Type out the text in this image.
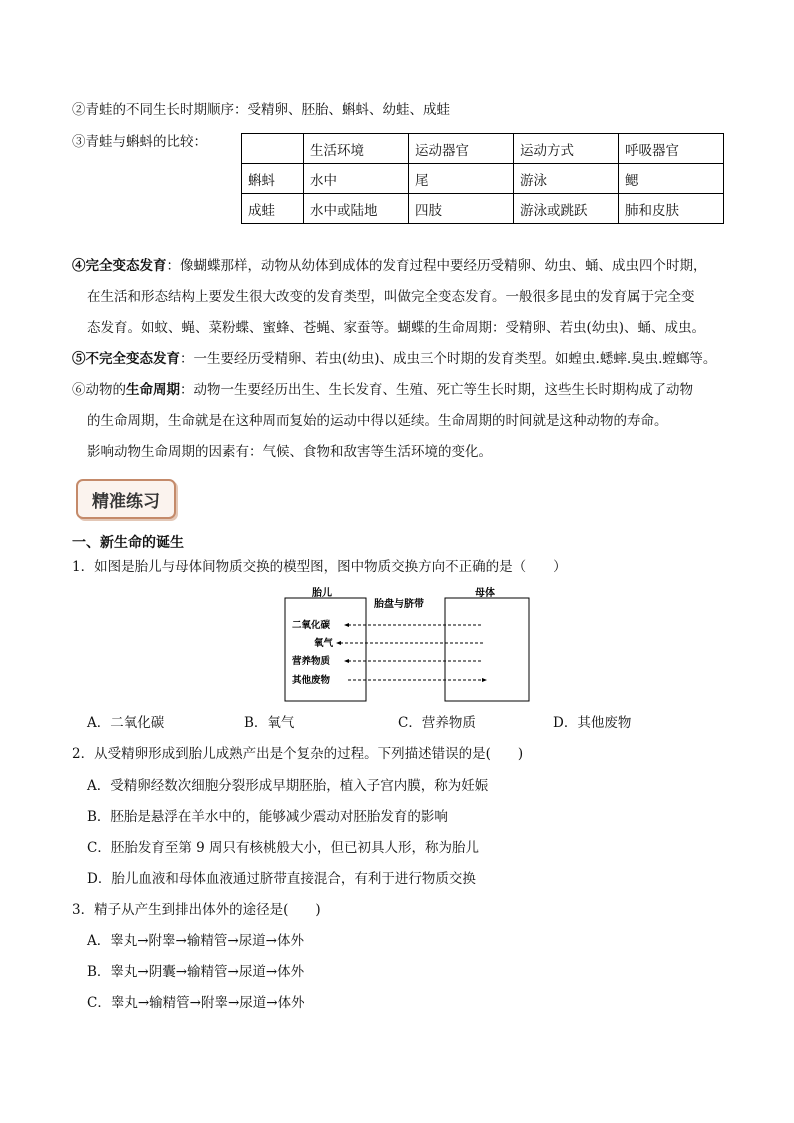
②青蛙的不同生长时期顺序：受精卵、胚胎、蝌蚪、幼蛙、成蛙
③青蛙与蝌蚪的比较：
	生活环境	运动器官	运动方式	呼吸器官
蝌蚪	水中	尾	游泳	鳃
成蛙	水中或陆地	四肢	游泳或跳跃	肺和皮肤
④完全变态发育：像蝴蝶那样，动物从幼体到成体的发育过程中要经历受精卵、幼虫、蛹、成虫四个时期，
在生活和形态结构上要发生很大改变的发育类型，叫做完全变态发育。一般很多昆虫的发育属于完全变
态发育。如蚊、蝇、菜粉蝶、蜜蜂、苍蝇、家蚕等。蝴蝶的生命周期：受精卵、若虫(幼虫)、蛹、成虫。
⑤不完全变态发育：一生要经历受精卵、若虫(幼虫)、成虫三个时期的发育类型。如蝗虫.蟋蟀.臭虫.螳螂等。
⑥动物的生命周期：动物一生要经历出生、生长发育、生殖、死亡等生长时期，这些生长时期构成了动物
的生命周期，生命就是在这种周而复始的运动中得以延续。生命周期的时间就是这种动物的寿命。
影响动物生命周期的因素有：气候、食物和敌害等生活环境的变化。
精准练习
一、新生命的诞生
1．如图是胎儿与母体间物质交换的模型图，图中物质交换方向不正确的是（　　）
胎儿
胎盘与脐带
母体
二氧化碳
氧气
营养物质
其他废物
A．二氧化碳	B．氧气	C．营养物质	D．其他废物
2．从受精卵形成到胎儿成熟产出是个复杂的过程。下列描述错误的是(　　)
A．受精卵经数次细胞分裂形成早期胚胎，植入子宫内膜，称为妊娠
B．胚胎是悬浮在羊水中的，能够减少震动对胚胎发育的影响
C．胚胎发育至第 9 周只有核桃般大小，但已初具人形，称为胎儿
D．胎儿血液和母体血液通过脐带直接混合，有利于进行物质交换
3．精子从产生到排出体外的途径是(　　)
A．睾丸→附睾→输精管→尿道→体外
B．睾丸→阴囊→输精管→尿道→体外
C．睾丸→输精管→附睾→尿道→体外
